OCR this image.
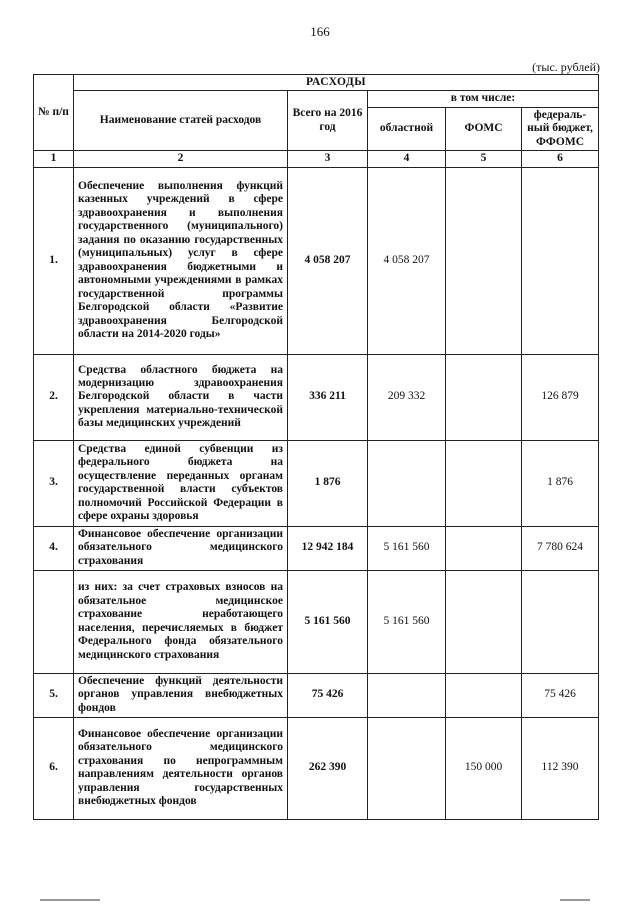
166
(тыс. рублей)
№ п/п	РАСХОДЫ				
	Наименование статей расходов	Всего на 2016 год	в том числе:		
			областной	ФОМС	федераль-ный бюджет, ФФОМС
1	2	3	4	5	6
1.	Обеспечение выполнения функций казенных учреждений в сфере здравоохранения и выполнения государственного (муниципального) задания по оказанию государственных (муниципальных) услуг в сфере здравоохранения бюджетными и автономными учреждениями в рамках государственной программы Белгородской области «Развитие здравоохранения Белгородской области на 2014-2020 годы»	4 058 207	4 058 207		
2.	Средства областного бюджета на модернизацию здравоохранения Белгородской области в части укрепления материально-технической базы медицинских учреждений	336 211	209 332		126 879
3.	Средства единой субвенции из федерального бюджета на осуществление переданных органам государственной власти субъектов полномочий Российской Федерации в сфере охраны здоровья	1 876			1 876
4.	Финансовое обеспечение организации обязательного медицинского страхования	12 942 184	5 161 560		7 780 624
	из них: за счет страховых взносов на обязательное медицинское страхование неработающего населения, перечисляемых в бюджет Федерального фонда обязательного медицинского страхования	5 161 560	5 161 560		
5.	Обеспечение функций деятельности органов управления внебюджетных фондов	75 426			75 426
6.	Финансовое обеспечение организации обязательного медицинского страхования по непрограммным направлениям деятельности органов управления государственных внебюджетных фондов	262 390		150 000	112 390
